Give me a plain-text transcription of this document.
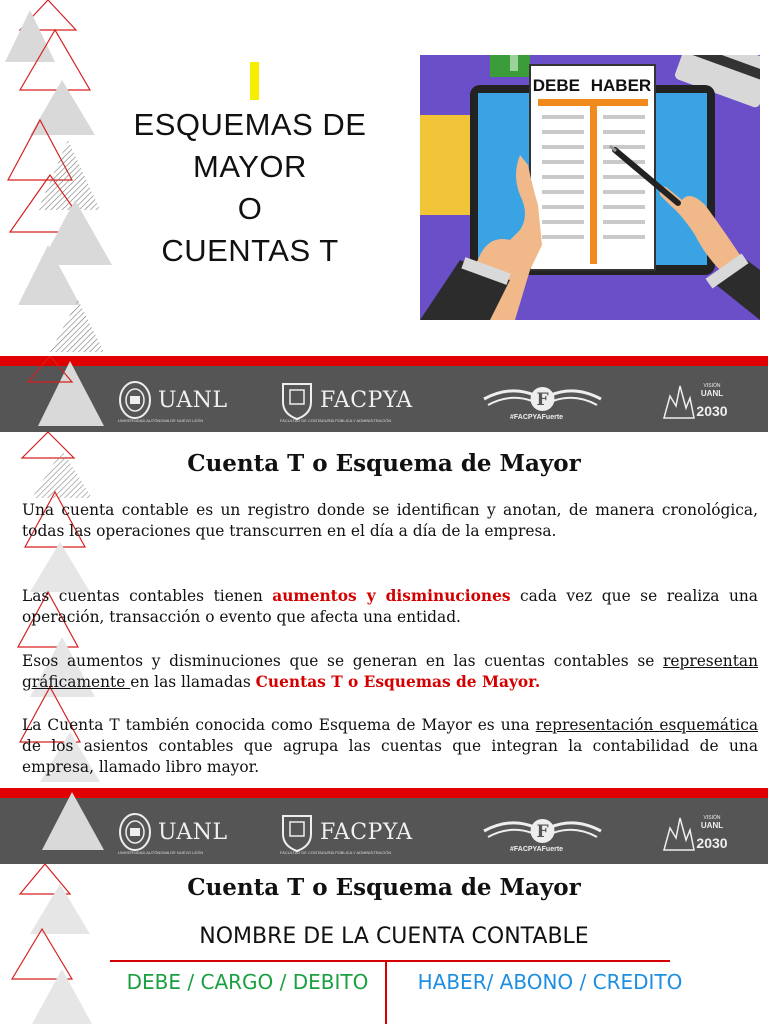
ESQUEMAS DE
MAYOR
O
CUENTAS T
DEBE HABER
UANL
UNIVERSIDAD AUTÓNOMA DE NUEVO LEÓN
FACPYA
FACULTAD DE CONTADURÍA PÚBLICA Y ADMINISTRACIÓN
F
#FACPYAFuerte
VISIÓN
UANL
2030
Cuenta T o Esquema de Mayor

Una cuenta contable es un registro donde se identifican y anotan, de manera cronológica, todas las operaciones que transcurren en el día a día de la empresa.

Las cuentas contables tienen aumentos y disminuciones cada vez que se realiza una operación, transacción o evento que afecta una entidad.

Esos aumentos y disminuciones que se generan en las cuentas contables se representan gráficamente en las llamadas Cuentas T o Esquemas de Mayor.

La Cuenta T también conocida como Esquema de Mayor es una representación esquemática de los asientos contables que agrupa las cuentas que integran la contabilidad de una empresa, llamado libro mayor.

UANL
UNIVERSIDAD AUTÓNOMA DE NUEVO LEÓN
FACPYA
FACULTAD DE CONTADURÍA PÚBLICA Y ADMINISTRACIÓN
F
#FACPYAFuerte
VISIÓN
UANL
2030
Cuenta T o Esquema de Mayor
NOMBRE DE LA CUENTA CONTABLE
DEBE / CARGO / DEBITO	HABER/ ABONO / CREDITO
